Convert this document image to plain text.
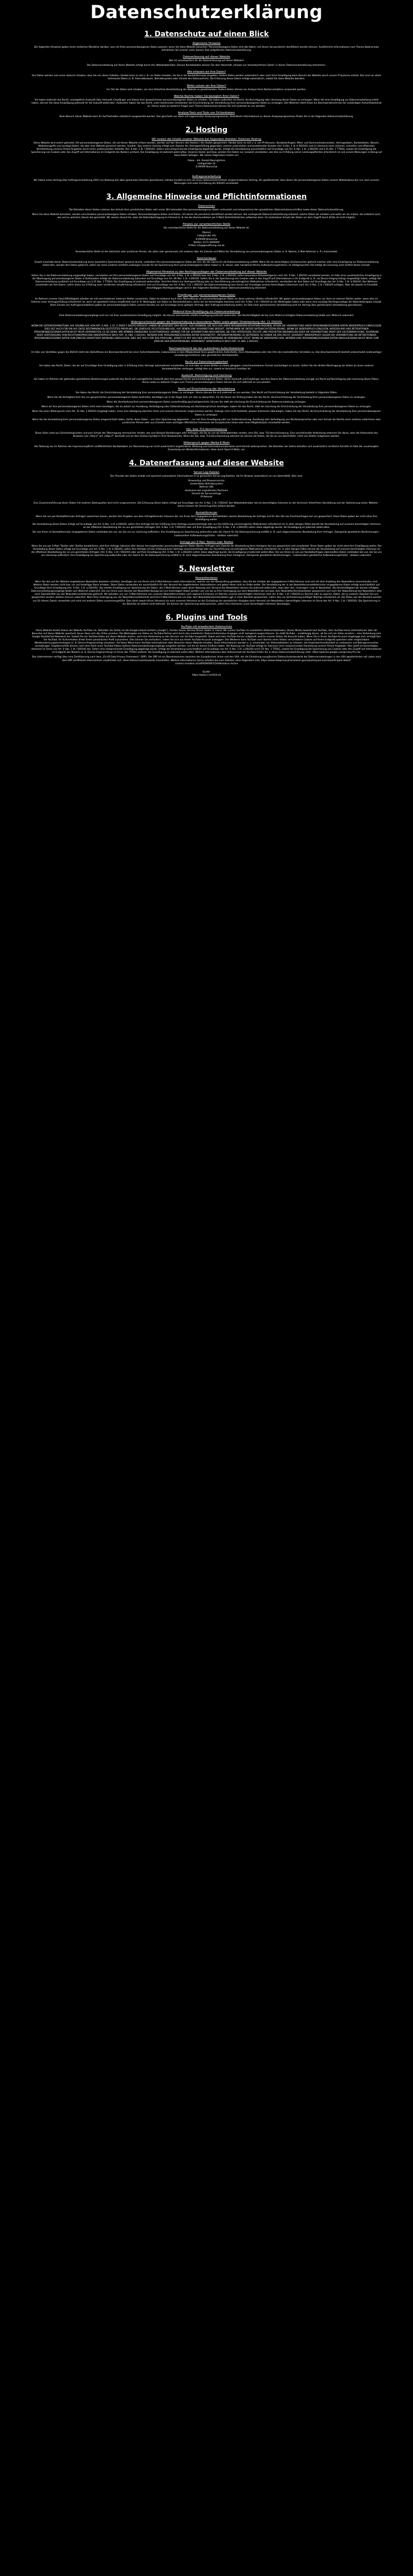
Datenschutzerklärung
1. Datenschutz auf einen Blick
Allgemeine Hinweise

Die folgenden Hinweise geben einen einfachen Überblick darüber, was mit Ihren personenbezogenen Daten passiert, wenn Sie diese Website besuchen. Personenbezogene Daten sind alle Daten, mit denen Sie persönlich identifiziert werden können. Ausführliche Informationen zum Thema Datenschutz entnehmen Sie unserer unter diesem Text aufgeführten Datenschutzerklärung.

Datenerfassung auf dieser Website

Wer ist verantwortlich für die Datenerfassung auf dieser Website?

Die Datenverarbeitung auf dieser Website erfolgt durch den Websitebetreiber. Dessen Kontaktdaten können Sie dem Abschnitt „Hinweis zur Verantwortlichen Stelle“ in dieser Datenschutzerklärung entnehmen.

Wie erfassen wir Ihre Daten?

Ihre Daten werden zum einen dadurch erhoben, dass Sie uns diese mitteilen. Hierbei kann es sich z. B. um Daten handeln, die Sie in ein Kontaktformular eingeben. Andere Daten werden automatisch oder nach Ihrer Einwilligung beim Besuch der Website durch unsere IT-Systeme erfasst. Das sind vor allem technische Daten (z. B. Internetbrowser, Betriebssystem oder Uhrzeit des Seitenaufrufs). Die Erfassung dieser Daten erfolgt automatisch, sobald Sie diese Website betreten.

Wofür nutzen wir Ihre Daten?

Ein Teil der Daten wird erhoben, um eine fehlerfreie Bereitstellung der Website zu gewährleisten. Andere Daten können zur Analyse Ihres Nutzerverhaltens verwendet werden.

Welche Rechte haben Sie bezüglich Ihrer Daten?

Sie haben jederzeit das Recht, unentgeltlich Auskunft über Herkunft, Empfänger und Zweck Ihrer gespeicherten personenbezogenen Daten zu erhalten. Sie haben außerdem ein Recht, die Berichtigung oder Löschung dieser Daten zu verlangen. Wenn Sie eine Einwilligung zur Datenverarbeitung erteilt haben, können Sie diese Einwilligung jederzeit für die Zukunft widerrufen. Außerdem haben Sie das Recht, unter bestimmten Umständen die Einschränkung der Verarbeitung Ihrer personenbezogenen Daten zu verlangen. Des Weiteren steht Ihnen ein Beschwerderecht bei der zuständigen Aufsichtsbehörde zu. Hierzu sowie zu weiteren Fragen zum Thema Datenschutz können Sie sich jederzeit an uns wenden.

Analyse-Tools und Tools von Drittanbietern

Beim Besuch dieser Website kann Ihr Surf-Verhalten statistisch ausgewertet werden. Das geschieht vor allem mit sogenannten Analyseprogrammen. Detaillierte Informationen zu diesen Analyseprogrammen finden Sie in der folgenden Datenschutzerklärung.

2. Hosting
Wir hosten die Inhalte unserer Website bei folgendem Anbieter: Externes Hosting

Diese Website wird extern gehostet. Die personenbezogenen Daten, die auf dieser Website erfasst werden, werden auf den Servern des Hosters / der Hoster gespeichert. Hierbei kann es sich v. a. um IP-Adressen, Kontaktanfragen, Meta- und Kommunikationsdaten, Vertragsdaten, Kontaktdaten, Namen, Websitezugriffe und sonstige Daten, die über eine Website generiert werden, handeln. Das externe Hosting erfolgt zum Zwecke der Vertragserfüllung gegenüber unseren potenziellen und bestehenden Kunden (Art. 6 Abs. 1 lit. b DSGVO) und im Interesse einer sicheren, schnellen und effizienten Bereitstellung unseres Online-Angebots durch einen professionellen Anbieter (Art. 6 Abs. 1 lit. f DSGVO). Sofern eine entsprechende Einwilligung abgefragt wurde, erfolgt die Verarbeitung ausschließlich auf Grundlage von Art. 6 Abs. 1 lit. a DSGVO und § 25 Abs. 1 TTDSG, soweit die Einwilligung die Speicherung von Cookies oder den Zugriff auf Informationen im Endgerät des Nutzers umfasst. Die Einwilligung ist jederzeit widerrufbar. Unser(e) Hoster wird bzw. werden Ihre Daten nur insoweit verarbeiten, wie dies zur Erfüllung seiner Leistungspflichten erforderlich ist und unsere Weisungen in Bezug auf diese Daten befolgen. Wir setzen folgende(n) Hoster ein:

Febox - Inh. Ronald Baumgärtner

Liebigstraße 24

D-09599 Branschw

Auftragsverarbeitung

Wir haben einen Vertrag über Auftragsverarbeitung (AVV) zur Nutzung des oben genannten Dienstes geschlossen. Hierbei handelt es sich um einen datenschutzrechtlich vorgeschriebenen Vertrag, der gewährleistet, dass dieser die personenbezogenen Daten unserer Websitebesucher nur nach unseren Weisungen und unter Einhaltung der DSGVO verarbeitet.

3. Allgemeine Hinweise und Pflichtinformationen
Datenschutz

Die Betreiber dieser Seiten nehmen den Schutz Ihrer persönlichen Daten sehr ernst. Wir behandeln Ihre personenbezogenen Daten vertraulich und entsprechend den gesetzlichen Datenschutzvorschriften sowie dieser Datenschutzerklärung.

Wenn Sie diese Website benutzen, werden verschiedene personenbezogene Daten erhoben. Personenbezogene Daten sind Daten, mit denen Sie persönlich identifiziert werden können. Die vorliegende Datenschutzerklärung erläutert, welche Daten wir erheben und wofür wir sie nutzen. Sie erläutert auch, wie und zu welchem Zweck das geschieht. Wir weisen darauf hin, dass die Datenübertragung im Internet (z. B. bei der Kommunikation per E-Mail) Sicherheitslücken aufweisen kann. Ein lückenloser Schutz der Daten vor dem Zugriff durch Dritte ist nicht möglich.

Hinweis zur verantwortlichen Stelle

Die verantwortliche Stelle für die Datenverarbeitung auf dieser Website ist:

[Name]

Liebigstraße 10a

D-09599 Branschw

Telefon: 0171 0000000

E-Mail: info@geoeffnung-rod.de

Verantwortliche Stelle ist die natürliche oder juristische Person, die allein oder gemeinsam mit anderen über die Zwecke und Mittel der Verarbeitung von personenbezogenen Daten (z. B. Namen, E-Mail-Adressen o. Ä.) entscheidet.

Speicherdauer

Soweit innerhalb dieser Datenschutzerklärung keine speziellere Speicherdauer genannt wurde, verbleiben Ihre personenbezogenen Daten bei uns, bis der Zweck für die Datenverarbeitung entfällt. Wenn Sie ein berechtigtes Löschersuchen geltend machen oder eine Einwilligung zur Datenverarbeitung widerrufen, werden Ihre Daten gelöscht, sofern wir keine anderen rechtlich zulässigen Gründe für die Speicherung Ihrer personenbezogenen Daten haben (z. B. steuer- oder handelsrechtliche Aufbewahrungsfristen); im letztgenannten Fall erfolgt die Löschung nach Fortfall dieser Gründe.

Allgemeine Hinweise zu den Rechtsgrundlagen der Datenverarbeitung auf dieser Website

Sofern Sie in die Datenverarbeitung eingewilligt haben, verarbeiten wir Ihre personenbezogenen Daten auf Grundlage von Art. 6 Abs. 1 lit. a DSGVO bzw. Art. 9 Abs. 2 lit. a DSGVO, sofern besondere Datenkategorien nach Art. 9 Abs. 1 DSGVO verarbeitet werden. Im Falle einer ausdrücklichen Einwilligung in die Übertragung personenbezogener Daten in Drittstaaten erfolgt die Datenverarbeitung außerdem auf Grundlage von Art. 49 Abs. 1 lit. a DSGVO. Sofern Sie in die Speicherung von Cookies oder in den Zugriff auf Informationen in Ihr Endgerät (z. B. via Device-Fingerprinting) eingewilligt haben, erfolgt die Datenverarbeitung zusätzlich auf Grundlage von § 25 Abs. 1 TTDSG. Die Einwilligung ist jederzeit widerrufbar. Sind Ihre Daten zur Vertragserfüllung oder zur Durchführung vorvertraglicher Maßnahmen erforderlich, verarbeiten wir Ihre Daten auf Grundlage des Art. 6 Abs. 1 lit. b DSGVO. Des Weiteren verarbeiten wir Ihre Daten, sofern diese zur Erfüllung einer rechtlichen Verpflichtung erforderlich sind auf Grundlage von Art. 6 Abs. 1 lit. c DSGVO. Die Datenverarbeitung kann ferner auf Grundlage unseres berechtigten Interesses nach Art. 6 Abs. 1 lit. f DSGVO erfolgen. Über die jeweils im Einzelfall einschlägigen Rechtsgrundlagen wird in den folgenden Absätzen dieser Datenschutzerklärung informiert.

Empfänger von personenbezogenen Daten

Im Rahmen unserer Geschäftstätigkeit arbeiten wir mit verschiedenen externen Stellen zusammen. Dabei ist teilweise auch eine Übermittlung von personenbezogenen Daten an diese externen Stellen erforderlich. Wir geben personenbezogene Daten nur dann an externe Stellen weiter, wenn dies im Rahmen einer Vertragserfüllung erforderlich ist, wenn wir gesetzlich hierzu verpflichtet sind (z. B. Weitergabe von Daten an Steuerbehörden), wenn wir ein berechtigtes Interesse nach Art. 6 Abs. 1 lit. f DSGVO an der Weitergabe haben oder wenn eine sonstige Rechtsgrundlage die Datenweitergabe erlaubt. Beim Einsatz von Auftragsverarbeitern geben wir personenbezogene Daten unserer Kunden nur auf Grundlage eines gültigen Vertrags über Auftragsverarbeitung weiter. Im Falle einer gemeinsamen Verarbeitung wird ein Vertrag über gemeinsame Verarbeitung geschlossen.

Widerruf Ihrer Einwilligung zur Datenverarbeitung

Viele Datenverarbeitungsvorgänge sind nur mit Ihrer ausdrücklichen Einwilligung möglich. Sie können eine bereits erteilte Einwilligung jederzeit widerrufen. Die Rechtmäßigkeit der bis zum Widerruf erfolgten Datenverarbeitung bleibt vom Widerruf unberührt.

Widerspruchsrecht gegen die Datenerhebung in besonderen Fällen sowie gegen Direktwerbung (Art. 21 DSGVO)

WENN DIE DATENVERARBEITUNG AUF GRUNDLAGE VON ART. 6 ABS. 1 LIT. E ODER F DSGVO ERFOLGT, HABEN SIE JEDERZEIT DAS RECHT, AUS GRÜNDEN, DIE SICH AUS IHRER BESONDEREN SITUATION ERGEBEN, GEGEN DIE VERARBEITUNG IHRER PERSONENBEZOGENEN DATEN WIDERSPRUCH EINZULEGEN; DIES GILT AUCH FÜR EIN AUF DIESE BESTIMMUNGEN GESTÜTZTES PROFILING. DIE JEWEILIGE RECHTSGRUNDLAGE, AUF DENEN EINE VERARBEITUNG BERUHT, ENTNEHMEN SIE DIESER DATENSCHUTZERKLÄRUNG. WENN SIE WIDERSPRUCH EINLEGEN, WERDEN WIR IHRE BETROFFENEN PERSONENBEZOGENEN DATEN NICHT MEHR VERARBEITEN, ES SEI DENN, WIR KÖNNEN ZWINGENDE SCHUTZWÜRDIGE GRÜNDE FÜR DIE VERARBEITUNG NACHWEISEN, DIE IHRE INTERESSEN, RECHTE UND FREIHEITEN ÜBERWIEGEN ODER DIE VERARBEITUNG DIENT DER GELTENDMACHUNG, AUSÜBUNG ODER VERTEIDIGUNG VON RECHTSANSPRÜCHEN (WIDERSPRUCH NACH ART. 21 ABS. 1 DSGVO). WERDEN IHRE PERSONENBEZOGENEN DATEN VERARBEITET, UM DIREKTWERBUNG ZU BETREIBEN, SO HABEN SIE DAS RECHT, JEDERZEIT WIDERSPRUCH GEGEN DIE VERARBEITUNG SIE BETREFFENDER PERSONENBEZOGENER DATEN ZUM ZWECKE DERARTIGER WERBUNG EINZULEGEN; DIES GILT AUCH FÜR DAS PROFILING, SOWEIT ES MIT SOLCHER DIREKTWERBUNG IN VERBINDUNG STEHT. WENN SIE WIDERSPRECHEN, WERDEN IHRE PERSONENBEZOGENEN DATEN ANSCHLIESSEND NICHT MEHR ZUM ZWECKE DER DIREKTWERBUNG VERWENDET (WIDERSPRUCH NACH ART. 21 ABS. 2 DSGVO).

Beschwerderecht bei der zuständigen Aufsichtsbehörde

Im Falle von Verstößen gegen die DSGVO steht den Betroffenen ein Beschwerderecht bei einer Aufsichtsbehörde, insbesondere in dem Mitgliedstaat ihres gewöhnlichen Aufenthalts, ihres Arbeitsplatzes oder des Orts des mutmaßlichen Verstoßes zu. Das Beschwerderecht besteht unbeschadet anderweitiger verwaltungsrechtlicher oder gerichtlicher Rechtsbehelfe.

Recht auf Datenübertragbarkeit

Sie haben das Recht, Daten, die wir auf Grundlage Ihrer Einwilligung oder in Erfüllung eines Vertrags automatisiert verarbeiten, an sich oder an einen Dritten in einem gängigen, maschinenlesbaren Format aushändigen zu lassen. Sofern Sie die direkte Übertragung der Daten an einen anderen Verantwortlichen verlangen, erfolgt dies nur, soweit es technisch machbar ist.

Auskunft, Berichtigung und Löschung

Sie haben im Rahmen der geltenden gesetzlichen Bestimmungen jederzeit das Recht auf unentgeltliche Auskunft über Ihre gespeicherten personenbezogenen Daten, deren Herkunft und Empfänger und den Zweck der Datenverarbeitung und ggf. ein Recht auf Berichtigung oder Löschung dieser Daten. Hierzu sowie zu weiteren Fragen zum Thema personenbezogene Daten können Sie sich jederzeit an uns wenden.

Recht auf Einschränkung der Verarbeitung

Sie haben das Recht, die Einschränkung der Verarbeitung Ihrer personenbezogenen Daten zu verlangen. Hierzu können Sie sich jederzeit an uns wenden. Das Recht auf Einschränkung der Verarbeitung besteht in folgenden Fällen:

Wenn Sie die Richtigkeit Ihrer bei uns gespeicherten personenbezogenen Daten bestreiten, benötigen wir in der Regel Zeit, um dies zu überprüfen. Für die Dauer der Prüfung haben Sie das Recht, die Einschränkung der Verarbeitung Ihrer personenbezogenen Daten zu verlangen.

Wenn die Verarbeitung Ihrer personenbezogenen Daten unrechtmäßig geschah/geschieht, können Sie statt der Löschung die Einschränkung der Datenverarbeitung verlangen.

Wenn wir Ihre personenbezogenen Daten nicht mehr benötigen, Sie sie jedoch zur Ausübung, Verteidigung oder Geltendmachung von Rechtsansprüchen benötigen, haben Sie das Recht, statt der Löschung die Einschränkung der Verarbeitung Ihrer personenbezogenen Daten zu verlangen.

Wenn Sie einen Widerspruch nach Art. 21 Abs. 1 DSGVO eingelegt haben, muss eine Abwägung zwischen Ihren und unseren Interessen vorgenommen werden. Solange noch nicht feststeht, wessen Interessen überwiegen, haben Sie das Recht, die Einschränkung der Verarbeitung Ihrer personenbezogenen Daten zu verlangen.

Wenn Sie die Verarbeitung Ihrer personenbezogenen Daten eingeschränkt haben, dürfen diese Daten – von ihrer Speicherung abgesehen – nur mit Ihrer Einwilligung oder zur Geltendmachung, Ausübung oder Verteidigung von Rechtsansprüchen oder zum Schutz der Rechte einer anderen natürlichen oder juristischen Person oder aus Gründen eines wichtigen öffentlichen Interesses der Europäischen Union oder eines Mitgliedstaats verarbeitet werden.

SSL- bzw. TLS-Verschlüsselung

Diese Seite nutzt aus Sicherheitsgründen und zum Schutz der Übertragung vertraulicher Inhalte, wie zum Beispiel Bestellungen oder Anfragen, die Sie an uns als Seitenbetreiber senden, eine SSL- bzw. TLS-Verschlüsselung. Eine verschlüsselte Verbindung erkennen Sie daran, dass die Adresszeile des Browsers von „http://“ auf „https://“ wechselt und an dem Schloss-Symbol in Ihrer Browserzeile. Wenn die SSL- bzw. TLS-Verschlüsselung aktiviert ist, können die Daten, die Sie an uns übermitteln, nicht von Dritten mitgelesen werden.

Widerspruch gegen Werbe-E-Mails

Der Nutzung von im Rahmen der Impressumspflicht veröffentlichten Kontaktdaten zur Übersendung von nicht ausdrücklich angeforderter Werbung und Informationsmaterialien wird hiermit widersprochen. Die Betreiber der Seiten behalten sich ausdrücklich rechtliche Schritte im Falle der unverlangten Zusendung von Werbeinformationen, etwa durch Spam-E-Mails, vor.

4. Datenerfassung auf dieser Website
Server-Log-Dateien

Der Provider der Seiten erhebt und speichert automatisch Informationen in so genannten Server-Log-Dateien, die Ihr Browser automatisch an uns übermittelt. Dies sind:

Browsertyp und Browserversion

verwendetes Betriebssystem

Referrer URL

Hostname des zugreifenden Rechners

Uhrzeit der Serveranfrage

IP-Adresse

Eine Zusammenführung dieser Daten mit anderen Datenquellen wird nicht vorgenommen. Die Erfassung dieser Daten erfolgt auf Grundlage von Art. 6 Abs. 1 lit. f DSGVO. Der Websitebetreiber hat ein berechtigtes Interesse an der technisch fehlerfreien Darstellung und der Optimierung seiner Website – hierzu müssen die Server-Log-Files erfasst werden.

Kontaktformular

Wenn Sie uns per Kontaktformular Anfragen zukommen lassen, werden Ihre Angaben aus dem Anfrageformular inklusive der von Ihnen dort angegebenen Kontaktdaten zwecks Bearbeitung der Anfrage und für den Fall von Anschlussfragen bei uns gespeichert. Diese Daten geben wir nicht ohne Ihre Einwilligung weiter.

Die Verarbeitung dieser Daten erfolgt auf Grundlage von Art. 6 Abs. 1 lit. b DSGVO, sofern Ihre Anfrage mit der Erfüllung eines Vertrags zusammenhängt oder zur Durchführung vorvertraglicher Maßnahmen erforderlich ist. In allen übrigen Fällen beruht die Verarbeitung auf unserem berechtigten Interesse an der effektiven Bearbeitung der an uns gerichteten Anfragen (Art. 6 Abs. 1 lit. f DSGVO) oder auf Ihrer Einwilligung (Art. 6 Abs. 1 lit. a DSGVO) sofern diese abgefragt wurde; die Einwilligung ist jederzeit widerrufbar.

Die von Ihnen im Kontaktformular eingegebenen Daten verbleiben bei uns, bis Sie uns zur Löschung auffordern, Ihre Einwilligung zur Speicherung widerrufen oder der Zweck für die Datenspeicherung entfällt (z. B. nach abgeschlossener Bearbeitung Ihrer Anfrage). Zwingende gesetzliche Bestimmungen – insbesondere Aufbewahrungsfristen – bleiben unberührt.

Anfrage per E-Mail, Telefon oder Telefax

Wenn Sie uns per E-Mail, Telefon oder Telefax kontaktieren, wird Ihre Anfrage inklusive aller daraus hervorgehenden personenbezogenen Daten (Name, Anfrage) zum Zwecke der Bearbeitung Ihres Anliegens bei uns gespeichert und verarbeitet. Diese Daten geben wir nicht ohne Ihre Einwilligung weiter. Die Verarbeitung dieser Daten erfolgt auf Grundlage von Art. 6 Abs. 1 lit. b DSGVO, sofern Ihre Anfrage mit der Erfüllung eines Vertrags zusammenhängt oder zur Durchführung vorvertraglicher Maßnahmen erforderlich ist. In allen übrigen Fällen beruht die Verarbeitung auf unserem berechtigten Interesse an der effektiven Bearbeitung der an uns gerichteten Anfragen (Art. 6 Abs. 1 lit. f DSGVO) oder auf Ihrer Einwilligung (Art. 6 Abs. 1 lit. a DSGVO) sofern diese abgefragt wurde; die Einwilligung ist jederzeit widerrufbar. Die von Ihnen an uns per Kontaktanfragen übersandten Daten verbleiben bei uns, bis Sie uns zur Löschung auffordern, Ihre Einwilligung zur Speicherung widerrufen oder der Zweck für die Datenspeicherung entfällt (z. B. nach abgeschlossener Bearbeitung Ihres Anliegens). Zwingende gesetzliche Bestimmungen – insbesondere gesetzliche Aufbewahrungsfristen – bleiben unberührt.

5. Newsletter
Newsletterdaten

Wenn Sie den auf der Website angebotenen Newsletter beziehen möchten, benötigen wir von Ihnen eine E-Mail-Adresse sowie Informationen, welche uns die Überprüfung gestatten, dass Sie der Inhaber der angegebenen E-Mail-Adresse sind und mit dem Empfang des Newsletters einverstanden sind. Weitere Daten werden nicht bzw. nur auf freiwilliger Basis erhoben. Diese Daten verwenden wir ausschließlich für den Versand der angeforderten Informationen und geben diese nicht an Dritte weiter. Die Verarbeitung der in das Newsletteranmeldeformular eingegebenen Daten erfolgt ausschließlich auf Grundlage Ihrer Einwilligung (Art. 6 Abs. 1 lit. a DSGVO). Die erteilte Einwilligung zur Speicherung der Daten, der E-Mail-Adresse sowie deren Nutzung zum Versand des Newsletters können Sie jederzeit widerrufen, etwa über den „Austragen“-Link im Newsletter. Die Rechtmäßigkeit der bereits erfolgten Datenverarbeitungsvorgänge bleibt vom Widerruf unberührt. Die von Ihnen zum Zwecke des Newsletter-Bezugs bei uns hinterlegten Daten werden von uns bis zu Ihrer Austragung aus dem Newsletter bei uns bzw. dem Newsletterdiensteanbieter gespeichert und nach der Abbestellung des Newsletters oder nach Zweckfortfall aus der Newsletterverteilerliste gelöscht. Wir behalten uns vor, E-Mail-Adressen aus unserem Newsletterverteiler nach eigenem Ermessen im Rahmen unseres berechtigten Interesses nach Art. 6 Abs. 1 lit. f DSGVO zu löschen oder zu sperren. Daten, die zu anderen Zwecken bei uns gespeichert wurden, bleiben hiervon unberührt. Nach Ihrer Austragung aus der Newsletterverteilerliste wird Ihre E-Mail-Adresse bei uns bzw. dem Newsletterdiensteanbieter ggf. in einer Blacklist gespeichert, sofern dies zur Verhinderung künftiger Mailings erforderlich ist. Die Daten aus der Blacklist werden nur für diesen Zweck verwendet und nicht mit anderen Daten zusammengeführt. Dies dient sowohl Ihrem Interesse als auch unserem Interesse an der Einhaltung der gesetzlichen Vorgaben beim Versand von Newslettern (berechtigtes Interesse im Sinne des Art. 6 Abs. 1 lit. f DSGVO). Die Speicherung in der Blacklist ist zeitlich nicht befristet. Sie können der Speicherung widersprechen, sofern Ihre Interessen unser berechtigtes Interesse überwiegen.

6. Plugins und Tools
YouTube mit erweitertem Datenschutz

Diese Website bindet Videos der Website YouTube ein. Betreiber der Seiten ist die Google Ireland Limited („Google“), Gordon House, Barrow Street, Dublin 4, Irland. Wir nutzen YouTube im erweiterten Datenschutzmodus. Dieser Modus bewirkt laut YouTube, dass YouTube keine Informationen über die Besucher auf dieser Website speichert, bevor diese sich das Video ansehen. Die Weitergabe von Daten an YouTube-Partner wird durch den erweiterten Datenschutzmodus hingegen nicht zwingend ausgeschlossen. So stellt YouTube – unabhängig davon, ob Sie sich ein Video ansehen – eine Verbindung zum Google DoubleClick-Netzwerk her. Sobald Sie ein YouTube-Video auf dieser Website starten, wird eine Verbindung zu den Servern von YouTube hergestellt. Dabei wird dem YouTube-Server mitgeteilt, welche unserer Seiten Sie besucht haben. Wenn Sie in Ihrem YouTube-Account eingeloggt sind, ermöglichen Sie YouTube, Ihr Surfverhalten direkt Ihrem persönlichen Profil zuzuordnen. Dies können Sie verhindern, indem Sie sich aus Ihrem YouTube-Account ausloggen. Des Weiteren kann YouTube nach Starten eines Videos verschiedene Cookies auf Ihrem Endgerät speichern oder vergleichbare Wiedererkennungstechnologien (z. B. Device-Fingerprinting) einsetzen. Auf diese Weise kann YouTube Informationen über Besucher dieser Website erhalten. Diese Informationen werden u. a. verwendet, um Videostatistiken zu erfassen, die Anwenderfreundlichkeit zu verbessern und Betrugsversuchen vorzubeugen. Gegebenenfalls können nach dem Start eines YouTube-Videos weitere Datenverarbeitungsvorgänge ausgelöst werden, auf die wir keinen Einfluss haben. Die Nutzung von YouTube erfolgt im Interesse einer ansprechenden Darstellung unserer Online-Angebote. Dies stellt ein berechtigtes Interesse im Sinne von Art. 6 Abs. 1 lit. f DSGVO dar. Sofern eine entsprechende Einwilligung abgefragt wurde, erfolgt die Verarbeitung ausschließlich auf Grundlage von Art. 6 Abs. 1 lit. a DSGVO und § 25 Abs. 1 TTDSG, soweit die Einwilligung die Speicherung von Cookies oder den Zugriff auf Informationen im Endgerät des Nutzers (z. B. Device-Fingerprinting) im Sinne des TTDSG umfasst. Die Einwilligung ist jederzeit widerrufbar. Weitere Informationen über Datenschutz bei YouTube finden Sie in deren Datenschutzerklärung unter: https://policies.google.com/privacy?hl=de.

Das Unternehmen verfügt über eine Zertifizierung nach dem „EU-US Data Privacy Framework“ (DPF). Der DPF ist ein Übereinkommen zwischen der Europäischen Union und den USA, der die Einhaltung europäischer Datenschutzstandards bei Datenverarbeitungen in den USA gewährleisten soll. Jedes nach dem DPF zertifizierte Unternehmen verpflichtet sich, diese Datenschutzstandards einzuhalten. Weitere Informationen hierzu erhalten Sie vom Anbieter unter folgendem Link: https://www.dataprivacyframework.gov/s/participant-search/participant-detail?contact=true&id=a2zt000000001L5AAI&status=Active

Quelle:

https://www.e-recht24.de
